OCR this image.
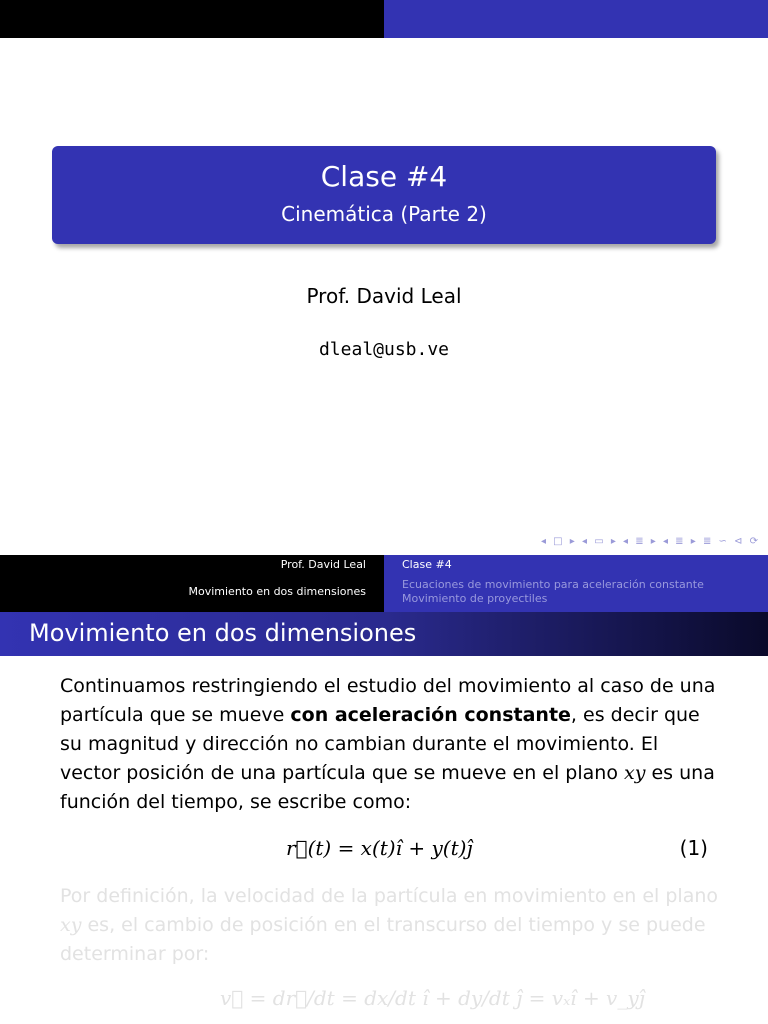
Clase #4
Cinemática (Parte 2)
Prof. David Leal
dleal@usb.ve
◂ □ ▸ ◂ ▭ ▸ ◂ ≣ ▸ ◂ ≣ ▸ ≣ ∽ ⊲ ⟳
Prof. David Leal
Movimiento en dos dimensiones
Clase #4
Ecuaciones de movimiento para aceleración constante
Movimiento de proyectiles
Movimiento en dos dimensiones
Continuamos restringiendo el estudio del movimiento al caso de una partícula que se mueve con aceleración constante, es decir que su magnitud y dirección no cambian durante el movimiento. El vector posición de una partícula que se mueve en el plano xy es una función del tiempo, se escribe como:
r⃗(t) = x(t)î + y(t)ĵ	(1)
Por definición, la velocidad de la partícula en movimiento en el plano xy es, el cambio de posición en el transcurso del tiempo y se puede determinar por:
v⃗ = dr⃗/dt = dx/dt î + dy/dt ĵ = vₓî + v_yĵ
